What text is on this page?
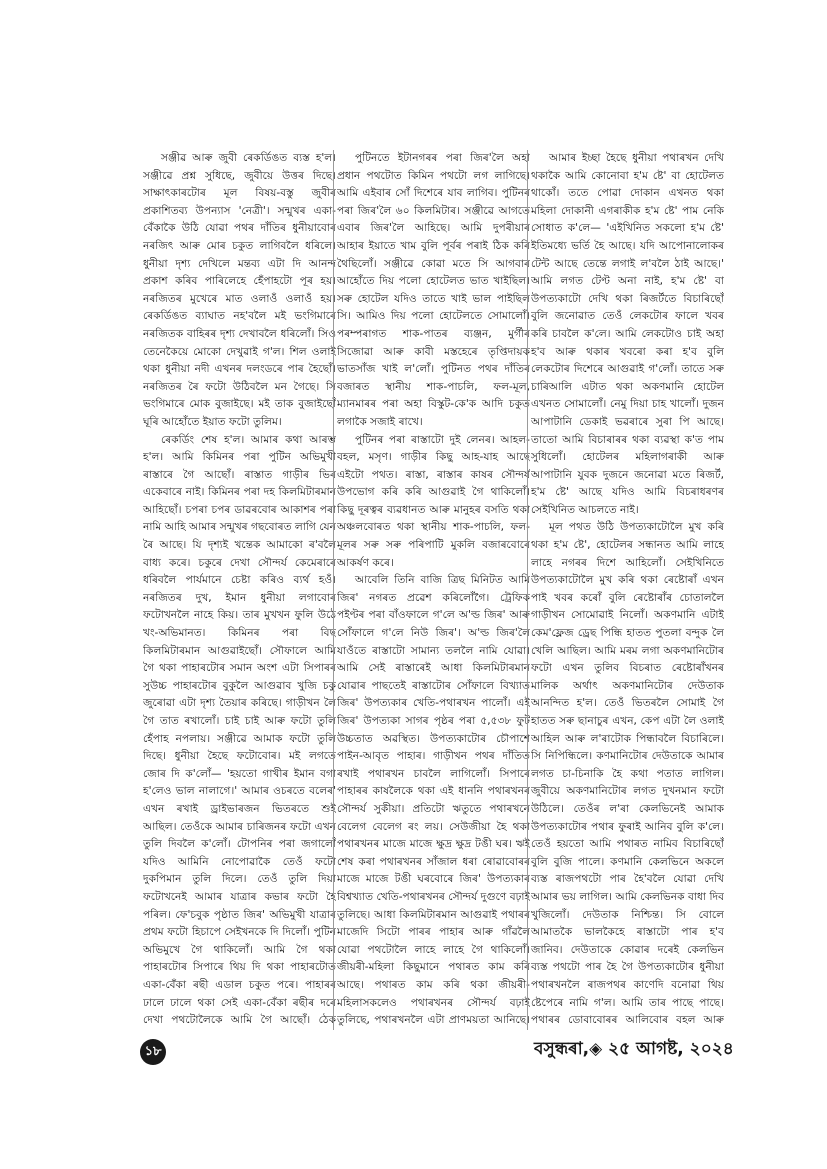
সঞ্জীৱ আৰু জুবী ৰেকৰ্ডিঙত ব্যস্ত হ'ল। সঞ্জীৱে প্ৰশ্ন সুধিছে, জুবীয়ে উত্তৰ দিছে। সাক্ষাৎকাৰটোৰ মূল বিষয়-বস্তু জুবীৰ প্ৰকাশিতব্য উপন্যাস 'নেত্ৰী'। সন্মুখৰ একা-বেঁকাকৈ উঠি যোৱা পথৰ দাঁতিৰ ধুনীয়াবোৰ নৰজিৎ আৰু মোৰ চকুত লাগিবলৈ ধৰিলে। ধুনীয়া দৃশ্য দেখিলে মন্তব্য এটা দি আনন্দ প্ৰকাশ কৰিব পাৰিলেহে হেঁপাহটো পূৰ হয়। নৰজিতৰ মুখেৰে মাত ওলাওঁ ওলাওঁ হয়। ৰেকৰ্ডিঙত ব্যাঘাত নহ'বলৈ মই ভংগিমাৰে নৰজিতক বাহিৰৰ দৃশ্য দেখাবলৈ ধৰিলোঁ। সিও তেনেকৈয়ে মোকো দেখুৱাই গ'ল। শিল ওলাই থকা ধুনীয়া নদী এখনৰ দলংডৰে পাৰ হৈছোঁ। নৰজিতৰ ৰৈ ফটো উঠিবলৈ মন গৈছে। সি ভংগিমাৰে মোক বুজাইছে। মই তাক বুজাইছোঁ ঘূৰি আহোঁতে ইয়াত ফটো তুলিম।

ৰেকৰ্ডিং শেষ হ'ল। আমাৰ কথা আৰম্ভ হ'ল। আমি কিমিনৰ পৰা পুটিন অভিমুখী ৰাস্তাৰে গৈ আছোঁ। ৰাস্তাত গাড়ীৰ ভিৰ একেবাৰে নাই। কিমিনৰ পৰা দহ কিলমিটাৰমান আহিছোঁ। চপৰা চপৰ ডাৱৰবোৰ আকাশৰ পৰা নামি আহি আমাৰ সন্মুখৰ গছবোৰত লাগি যেন ৰৈ আছে। যি দৃশ্যই খন্তেক আমাকো ৰ'বলৈ বাধ্য কৰে। চকুৰে দেখা সৌন্দৰ্য কেমেৰাৰে ধৰিবলৈ পাৰ্যমানে চেষ্টা কৰিও ব্যৰ্থ হওঁ। নৰজিতৰ দুখ, ইমান ধুনীয়া লগাবোৰ ফটোখনলৈ নাহে কিয়। তাৰ মুখখন ফুলি উঠে খং-অভিমানত। কিমিনৰ পৰা বিছ কিলমিটাৰমান আগুৱাইছোঁ। সৌফালে আমি গৈ থকা পাহাৰটোৰ সমান অংশ এটা সিপাৰৰ সুউচ্চ পাহাৰটোৰ বুকুলৈ আগুৱাব খুজি চকু জুৰোৱা এটা দৃশ্য তৈয়াৰ কৰিছে। গাড়ীখন লৈ গৈ তাত ৰখালোঁ। চাই চাই আৰু ফটো তুলি হেঁপাহ নপলায়। সঞ্জীৱে আমাক ফটো তুলি দিছে। ধুনীয়া হৈছে ফটোবোৰ। মই লগতে জোৰ দি ক'লোঁ— 'হয়তো গাখীৰ ইমান বগা হ'লেও ভাল নালাগে।' আমাৰ ওচৰতে বলেৰ' এখন ৰখাই ড্ৰাইভাৰজন ভিতৰতে শুই আছিল। তেওঁকে আমাৰ চাৰিজনৰ ফটো এখন তুলি দিবলৈ ক'লোঁ। টোপনিৰ পৰা জগালোঁ যদিও আমিনি নোপোৱাকৈ তেওঁ ফটো দুকপিমান তুলি দিলে। তেওঁ তুলি দিয়া ফটোখনেই আমাৰ যাত্ৰাৰ কভাৰ ফটো হৈ পৰিল। ফে'চবুক পৃষ্ঠাত জিৰ' অভিমুখী যাত্ৰাৰ প্ৰথম ফটো হিচাপে সেইখনকে দি দিলোঁ। পুটিন অভিমুখে গৈ থাকিলোঁ। আমি গৈ থকা পাহাৰটোৰ সিপাৰে থিয় দি থকা পাহাৰটোত একা-বেঁকা ৰছী এডাল চকুত পৰে। পাহাৰৰ ঢালে ঢালে থকা সেই একা-বেঁকা ৰছীৰ দৰে দেখা পথটোলৈকে আমি গৈ আছোঁ। ঠেক

পুটিনতে ইটানগৰৰ পৰা জিৰ'লৈ অহা প্ৰধান পথটোত কিমিন পথটো লগ লাগিছে। আমি এইবাৰ সোঁ দিশেৰে যাব লাগিব। পুটিনৰ পৰা জিৰ'লৈ ৬০ কিলমিটাৰ। সঞ্জীৱে আগতে এবাৰ জিৰ'লৈ আহিছে। আমি দুপৰীয়াৰ আহাৰ ইয়াতে খাম বুলি পূৰ্বৰ পৰাই ঠিক কৰি থৈছিলোঁ। সঞ্জীৱে কোৱা মতে সি আগবাৰ আহোঁতে দিয় পলো হোটেলত ভাত খাইছিল। সৰু হোটেল যদিও তাতে খাই ভাল পাইছিল সি। আমিও দিয় পলো হোটেলতে সোমালোঁ। পৰম্পৰাগত শাক-পাতৰ ব্যঞ্জন, মুৰ্গীৰ সিজোৱা আৰু কাবী মস্তহেৰে তৃপ্তিদায়ক ভাতসাঁজ খাই ল'লোঁ। পুটিনত পথৰ দাঁতিৰ বজাৰত স্থানীয় শাক-পাচলি, ফল-মূল, ম্যানমাৰৰ পৰা অহা বিস্কুট-কে'ক আদি চকুত লগাকৈ সজাই ৰাখে।

পুটিনৰ পৰা ৰাস্তাটো দুই লেনৰ। আহল-বহল, মসৃণ। গাড়ীৰ কিছু আহ-যাহ আছে এইটো পথত। ৰাস্তা, ৰাস্তাৰ কাষৰ সৌন্দৰ্য উপভোগ কৰি কৰি আগুৱাই গৈ থাকিলোঁ। কিছু দূৰত্বৰ ব্যৱধানত আৰু মানুহৰ বসতি থকা অঞ্চলবোৰত থকা স্থানীয় শাক-পাচলি, ফল-মূলৰ সৰু সৰু পৰিপাটি মুকলি বজাৰবোৰে আকৰ্ষণ কৰে।

আবেলি তিনি বাজি ত্ৰিছ মিনিটত আমি জিৰ' নগৰত প্ৰৱেশ কৰিলোঁগৈ। ট্ৰেফিক পইণ্টৰ পৰা বাঁওফালে গ'লে অ'ল্ড জিৰ' আৰু সোঁফালে গ'লে নিউ জিৰ'। অ'ল্ড জিৰ'লৈ যাওঁতে ৰাস্তাটো সামান্য তললৈ নামি যোৱা। আমি সেই ৰাস্তাৰেই আধা কিলমিটাৰমান যোৱাৰ পাছতেই ৰাস্তাটোৰ সোঁফালে বিখ্যাত জিৰ' উপত্যকাৰ খেতি-পথাৰখন পালোঁ। এই জিৰ' উপত্যকা সাগৰ পৃষ্ঠৰ পৰা ৫,৫৩৮ ফুট উচ্চতাত অৱস্থিত। উপত্যকাটোৰ চৌপাশে পাইন-আবৃত পাহাৰ। গাড়ীখন পথৰ দাঁতিত ৰখাই পথাৰখন চাবলৈ লাগিলোঁ। সিপাৰে পাহাৰৰ কাষলৈকে থকা এই ধাননি পথাৰখনৰ সৌন্দৰ্য সুকীয়া। প্ৰতিটো ঋতুতে পথাৰখনে বেলেগ বেলেগ ৰং লয়। সেউজীয়া হৈ থকা পথাৰখনৰ মাজে মাজে ক্ষুদ্ৰ ক্ষুদ্ৰ টঙী ঘৰ। ঋই শেষ কৰা পথাৰখনৰ সাঁজাল ধৰা ৰোৱাবোৰৰ মাজে মাজে টঙী ঘৰবোৰে জিৰ' উপত্যকাৰ বিশ্বখ্যাত খেতি-পথাৰখনৰ সৌন্দৰ্য দুগুণে বঢ়াই তুলিছে। আধা কিলমিটাৰমান আগুৱাই পথাৰৰ মাজেদি সিটো পাৰৰ পাহাৰ আৰু গাঁৱলৈ যোৱা পথটোলৈ লাহে লাহে গৈ থাকিলোঁ। জীয়ৰী-মহিলা কিছুমানে পথাৰত কাম কৰি আছে। পথাৰত কাম কৰি থকা জীয়ৰী-মহিলাসকলেও পথাৰখনৰ সৌন্দৰ্য বঢ়াই তুলিছে, পথাৰখনলৈ এটা প্ৰাণময়তা আনিছে।

আমাৰ ইচ্ছা হৈছে ধুনীয়া পথাৰখন দেখি থকাকৈ আমি কোনোবা হ'ম ষ্টে' বা হোটেলত থাকোঁ। ততে পোৱা দোকান এখনত থকা মহিলা দোকানী এগৰাকীক হ'ম ষ্টে' পাম নেকি সোধাত ক'লে— 'এইখিনিত সকলো হ'ম ষ্টে' ইতিমধ্যে ভৰ্তি হৈ আছে। যদি আপোনালোকৰ টেন্ট আছে তেন্তে লগাই ল'বলৈ ঠাই আছে।' আমি লগত টেণ্ট অনা নাই, হ'ম ষ্টে' বা উপত্যকাটো দেখি থকা ৰিজৰ্টতে বিচাৰিছোঁ বুলি জনোৱাত তেওঁ লেকটোৰ ফালে খবৰ কৰি চাবলৈ ক'লে। আমি লেকটোও চাই অহা হ'ব আৰু থকাৰ খবৰো কৰা হ'ব বুলি লেকটোৰ দিশেৰে আগুৱাই গ'লোঁ। তাতে সৰু চাৰিআলি এটাত থকা অকণমানি হোটেল এখনত সোমালোঁ। নেমু দিয়া চাহ খালোঁ। দুজন আপাটানি ডেকাই ভৱৰাৰে সুৰা পি আছে। তাতো আমি বিচাৰাৰৰ থকা ব্যৱস্থা ক'ত পাম সুধিলোঁ। হোটেলৰ মহিলাগৰাকী আৰু আপাটানি যুবক দুজনে জনোৱা মতে ৰিজৰ্ট, হ'ম ষ্টে' আছে যদিও আমি বিচৰাধৰণৰ সেইখিনিত আচলতে নাই।

মূল পথত উঠি উপত্যকাটোলৈ মুখ কৰি থকা হ'ম ষ্টে', হোটেলৰ সন্ধানত আমি লাহে লাহে নগৰৰ দিশে আহিলোঁ। সেইখিনিতে উপত্যকাটোলৈ মুখ কৰি থকা ৰেষ্টোৰাঁ এখন পাই খবৰ কৰোঁ বুলি ৰেষ্টোৰাঁৰ চোতাললৈ গাড়ীখন সোমোৱাই নিলোঁ। অকণমানি এটাই কেম'ফ্লেজ ড্ৰেছ পিন্ধি হাতত পুতলা বন্দুক লৈ খেলি আছিল। আমি মৰম লগা অকণমানিটোৰ ফটো এখন তুলিব বিচৰাত ৰেষ্টোৰাঁখনৰ মালিক অৰ্থাৎ অকণমানিটোৰ দেউতাক আনন্দিত হ'ল। তেওঁ ভিতৰলৈ সোমাই গৈ হাতত সৰু ছানাচুৰ এখন, কেপ এটা লৈ ওলাই আহিল আৰু ল'ৰাটোক পিন্ধাবলৈ বিচাৰিলে। সি নিপিন্ধিলে। কণমানিটোৰ দেউতাকে আমাৰ লগত চা-চিনাকি হৈ কথা পতাত লাগিল। জুবীয়ে অকণমানিটোৰ লগত দুখনমান ফটো উঠিলে। তেওঁৰ ল'ৰা কেলভিনেই আমাক উপত্যকাটোৰ পথাৰ ফুৰাই আনিব বুলি ক'লে। তেওঁ হয়তো আমি পথাৰত নামিব বিচাৰিছোঁ বুলি বুজি পালে। কণমানি কেলভিনে অকলে ব্যস্ত ৰাজপথটো পাৰ হৈ'বলৈ যোৱা দেখি আমাৰ ভয় লাগিল। আমি কেলভিনক বাধা দিব খুজিলোঁ। দেউতাক নিশ্চিন্ত। সি বোলে আমাতকৈ ভালকৈহে ৰাস্তাটো পাৰ হ'ব জানিব। দেউতাকে কোৱাৰ দৰেই কেলভিন ব্যস্ত পথটো পাৰ হৈ গৈ উপত্যকাটোৰ ধুনীয়া পথাৰখনলৈ ৰাজপথৰ কাণেদি বনোৱা থিয় ষ্টেপেৰে নামি গ'ল। আমি তাৰ পাছে পাছে। পথাৰৰ ডোবাবোৰৰ আলিবোৰ বহল আৰু

১৮	বসুন্ধৰা,◈ ২৫ আগষ্ট, ২০২৪
